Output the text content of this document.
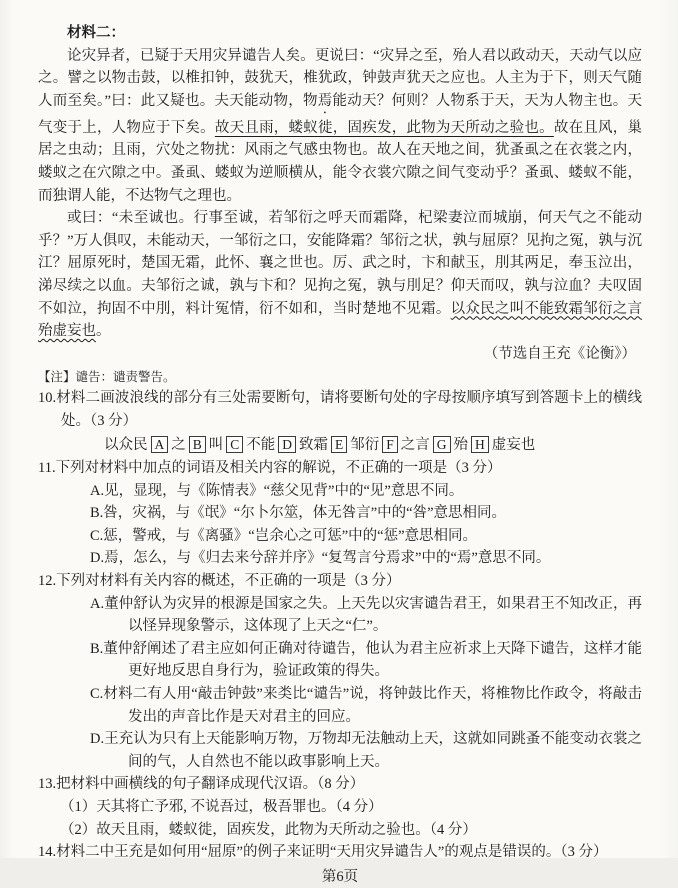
材料二：

论灾异者，已疑于天用灾异谴告人矣。更说曰：“灾异之至，殆人君以政动天，天动气以应之。譬之以物击鼓，以椎扣钟，鼓犹天，椎犹政，钟鼓声犹天之应也。人主为于下，则天气随人而至矣。”曰：此又疑也。夫天能动物，物焉能动天？何则？人物系于天，天为人物主也。天气变于上，人物应于下矣。故天且雨，蝼蚁徙，固疾发，此物为天所动之验也。故在且风，巢居之虫动；且雨，穴处之物扰：风雨之气感虫物也。故人在天地之间，犹蚤虱之在衣裳之内，蝼蚁之在穴隙之中。蚤虱、蝼蚁为逆顺横从，能令衣裳穴隙之间气变动乎？蚤虱、蝼蚁不能，而独谓人能，不达物气之理也。

或曰：“未至诚也。行事至诚，若邹衍之呼天而霜降，杞梁妻泣而城崩，何天气之不能动乎？”万人俱叹，未能动天，一邹衍之口，安能降霜？邹衍之状，孰与屈原？见拘之冤，孰与沉江？屈原死时，楚国无霜，此怀、襄之世也。厉、武之时，卞和献玉，刖其两足，奉玉泣出，涕尽续之以血。夫邹衍之诚，孰与卞和？见拘之冤，孰与刖足？仰天而叹，孰与泣血？夫叹固不如泣，拘固不中刖，料计冤情，衍不如和，当时楚地不见霜。以众民之叫不能致霜邹衍之言殆虚妄也。

（节选自王充《论衡》）
【注】谴告：谴责警告。

10.材料二画波浪线的部分有三处需要断句，请将要断句处的字母按顺序填写到答题卡上的横线处。（3 分）

以众民 A 之 B 叫 C 不能 D 致霜 E 邹衍 F 之言 G 殆 H 虚妄也

11.下列对材料中加点的词语及相关内容的解说，不正确的一项是（3 分）

A.见，显现，与《陈情表》“慈父见背”中的“见”意思不同。
B.咎，灾祸，与《氓》“尔卜尔筮，体无咎言”中的“咎”意思相同。
C.惩，警戒，与《离骚》“岂余心之可惩”中的“惩”意思相同。
D.焉，怎么，与《归去来兮辞并序》“复驾言兮焉求”中的“焉”意思不同。

12.下列对材料有关内容的概述，不正确的一项是（3 分）

A.董仲舒认为灾异的根源是国家之失。上天先以灾害谴告君王，如果君王不知改正，再以怪异现象警示，这体现了上天之“仁”。
B.董仲舒阐述了君主应如何正确对待谴告，他认为君主应祈求上天降下谴告，这样才能更好地反思自身行为，验证政策的得失。
C.材料二有人用“敲击钟鼓”来类比“谴告”说，将钟鼓比作天，将椎物比作政令，将敲击发出的声音比作是天对君主的回应。
D.王充认为只有上天能影响万物，万物却无法触动上天，这就如同跳蚤不能变动衣裳之间的气，人自然也不能以政事影响上天。

13.把材料中画横线的句子翻译成现代汉语。（8 分）

（1）天其将亡予邪, 不说吾过，极吾罪也。（4 分）
（2）故天且雨，蝼蚁徙，固疾发，此物为天所动之验也。（4 分）

14.材料二中王充是如何用“屈原”的例子来证明“天用灾异谴告人”的观点是错误的。（3 分）

第6页
